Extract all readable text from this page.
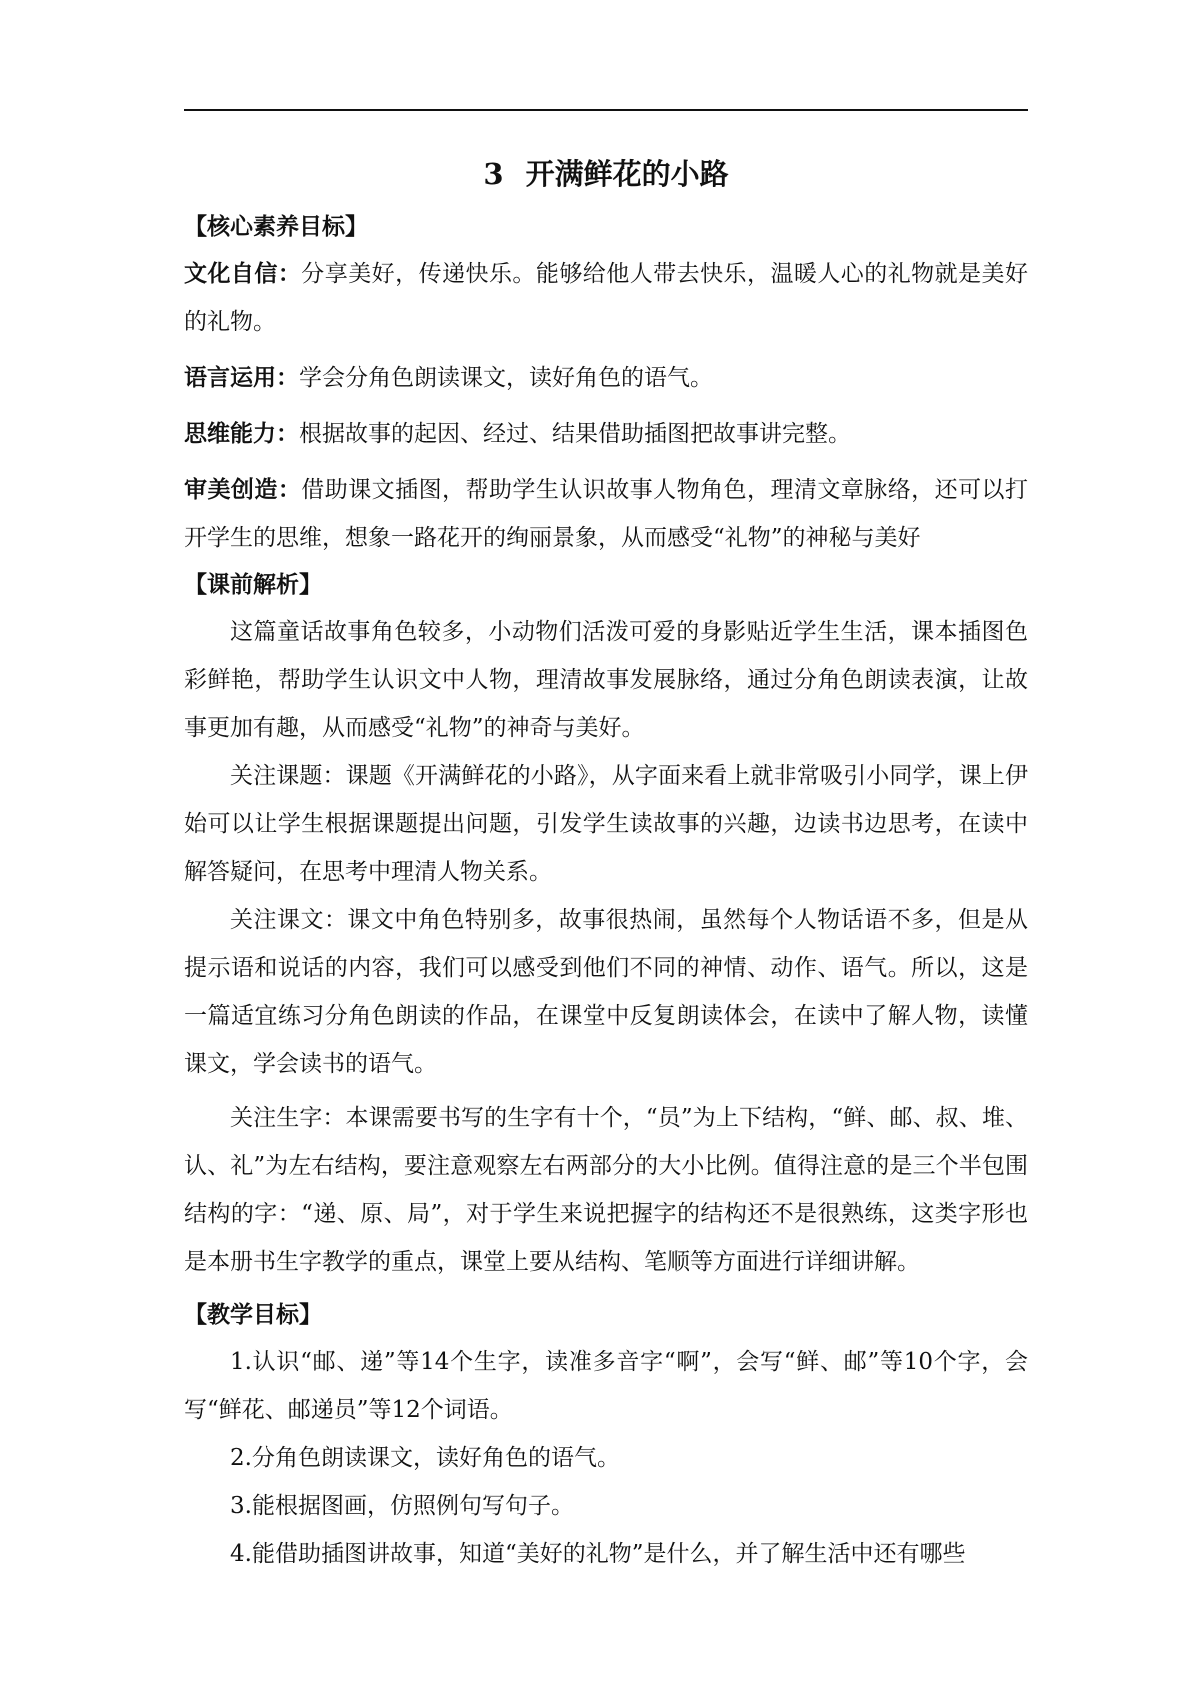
3 开满鲜花的小路
【核心素养目标】
文化自信：分享美好，传递快乐。能够给他人带去快乐，温暖人心的礼物就是美好的礼物。
语言运用：学会分角色朗读课文，读好角色的语气。
思维能力：根据故事的起因、经过、结果借助插图把故事讲完整。
审美创造：借助课文插图，帮助学生认识故事人物角色，理清文章脉络，还可以打开学生的思维，想象一路花开的绚丽景象，从而感受“礼物”的神秘与美好
【课前解析】
这篇童话故事角色较多，小动物们活泼可爱的身影贴近学生生活，课本插图色彩鲜艳，帮助学生认识文中人物，理清故事发展脉络，通过分角色朗读表演，让故事更加有趣，从而感受“礼物”的神奇与美好。
关注课题：课题《开满鲜花的小路》，从字面来看上就非常吸引小同学，课上伊始可以让学生根据课题提出问题，引发学生读故事的兴趣，边读书边思考，在读中解答疑问，在思考中理清人物关系。
关注课文：课文中角色特别多，故事很热闹，虽然每个人物话语不多，但是从提示语和说话的内容，我们可以感受到他们不同的神情、动作、语气。所以，这是一篇适宜练习分角色朗读的作品，在课堂中反复朗读体会，在读中了解人物，读懂课文，学会读书的语气。
关注生字：本课需要书写的生字有十个，“员”为上下结构，“鲜、邮、叔、堆、认、礼”为左右结构，要注意观察左右两部分的大小比例。值得注意的是三个半包围结构的字：“递、原、局”，对于学生来说把握字的结构还不是很熟练，这类字形也是本册书生字教学的重点，课堂上要从结构、笔顺等方面进行详细讲解。
【教学目标】
1.认识“邮、递”等14个生字，读准多音字“啊”，会写“鲜、邮”等10个字，会写“鲜花、邮递员”等12个词语。
2.分角色朗读课文，读好角色的语气。
3.能根据图画，仿照例句写句子。
4.能借助插图讲故事，知道“美好的礼物”是什么，并了解生活中还有哪些
